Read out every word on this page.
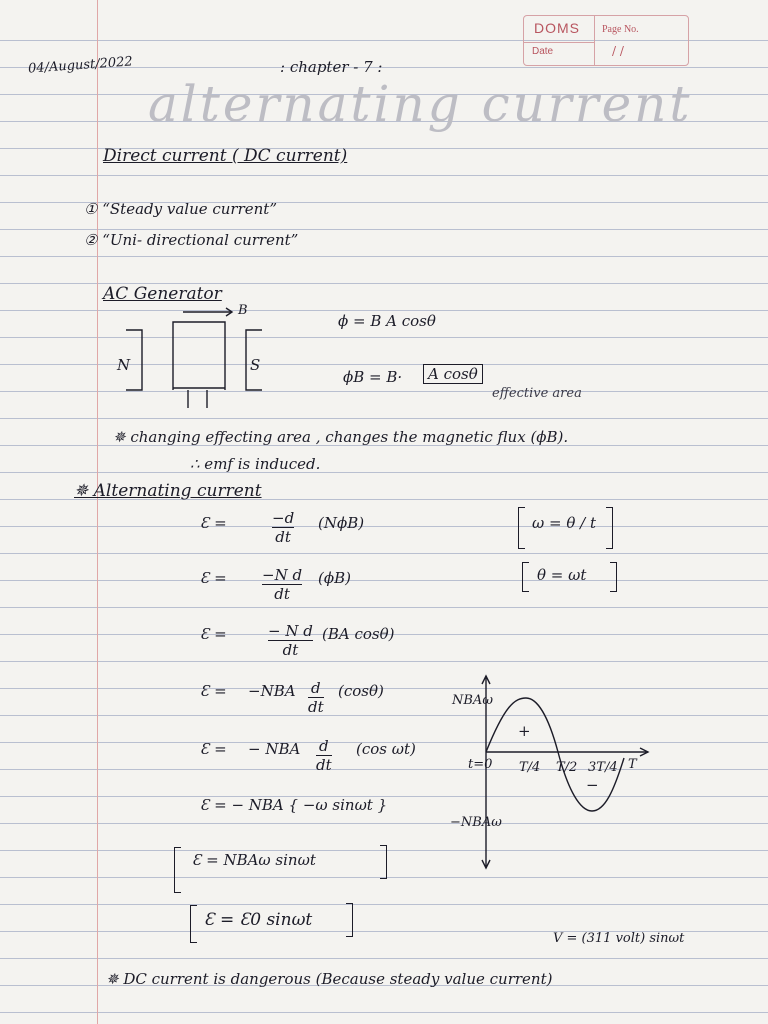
DOMS
Date
Page No.
/ /
04/August/2022	: chapter - 7 :
alternating current
Direct current ( DC current)
① “Steady value current”
② “Uni- directional current”
AC Generator
B
N	S
ϕ = B A cosθ
ϕB = B·	A cosθ
effective area
✵ changing effecting area , changes the magnetic flux (ϕB).
∴ emf is induced.
✵ Alternating current
Ɛ =	−d
dt
(NϕB)	ω = θ / t
Ɛ = −N d
dt
(ϕB)	θ = ωt
Ɛ =	− N d
dt
(BA cosθ)
Ɛ = −NBA d
dt
(cosθ)
Ɛ = − NBA d
dt
(cos ωt)
Ɛ = − NBA { −ω sinωt }
Ɛ = NBAω sinωt
Ɛ = Ɛ0 sinωt
NBAω
−NBAω
t=0 T/4 T/2 3T/4 T
+
−
V = (311 volt) sinωt
✵ DC current is dangerous (Because steady value current)
